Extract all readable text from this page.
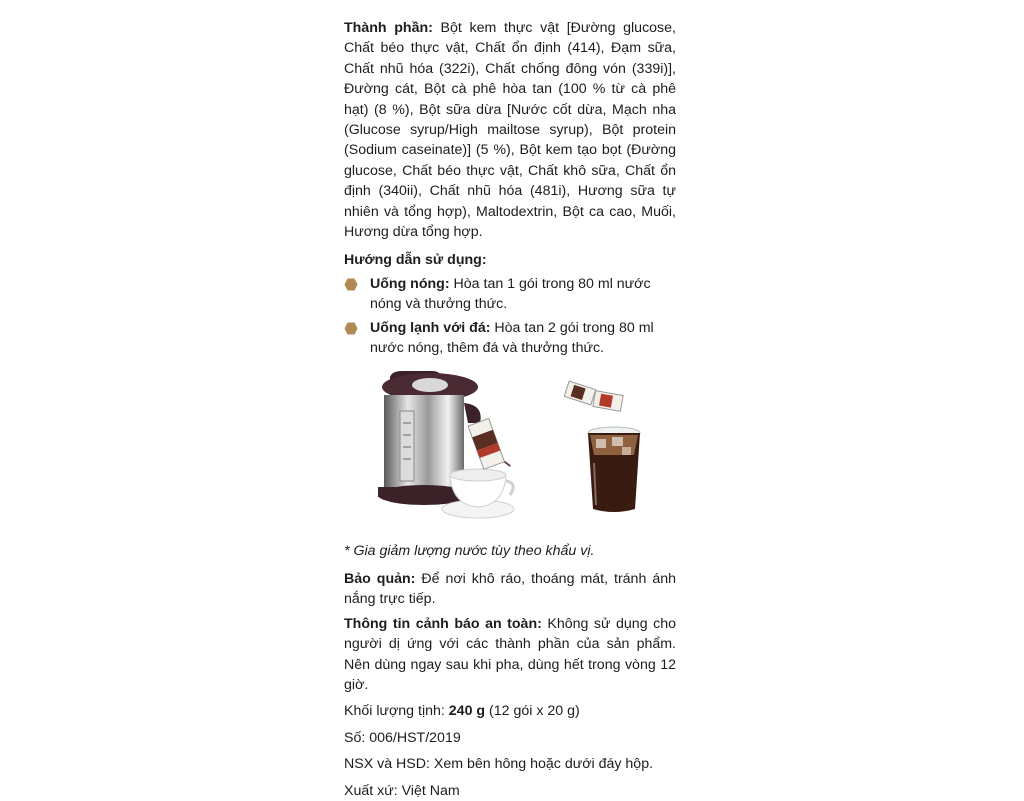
Thành phần: Bột kem thực vật [Đường glucose, Chất béo thực vật, Chất ổn định (414), Đạm sữa, Chất nhũ hóa (322i), Chất chống đông vón (339i)], Đường cát, Bột cà phê hòa tan (100 % từ cà phê hạt) (8 %), Bột sữa dừa [Nước cốt dừa, Mạch nha (Glucose syrup/High mailtose syrup), Bột protein (Sodium caseinate)] (5 %), Bột kem tạo bọt (Đường glucose, Chất béo thực vật, Chất khô sữa, Chất ổn định (340ii), Chất nhũ hóa (481i), Hương sữa tự nhiên và tổng hợp), Maltodextrin, Bột ca cao, Muối, Hương dừa tổng hợp.

Hướng dẫn sử dụng:
Uống nóng: Hòa tan 1 gói trong 80 ml nước nóng và thưởng thức.
Uống lạnh với đá: Hòa tan 2 gói trong 80 ml nước nóng, thêm đá và thưởng thức.
* Gia giảm lượng nước tùy theo khẩu vị.

Bảo quản: Để nơi khô ráo, thoáng mát, tránh ánh nắng trực tiếp.

Thông tin cảnh báo an toàn: Không sử dụng cho người dị ứng với các thành phần của sản phẩm. Nên dùng ngay sau khi pha, dùng hết trong vòng 12 giờ.

Khối lượng tịnh: 240 g (12 gói x 20 g)
Số: 006/HST/2019
NSX và HSD: Xem bên hông hoặc dưới đáy hộp.
Xuất xứ: Việt Nam
